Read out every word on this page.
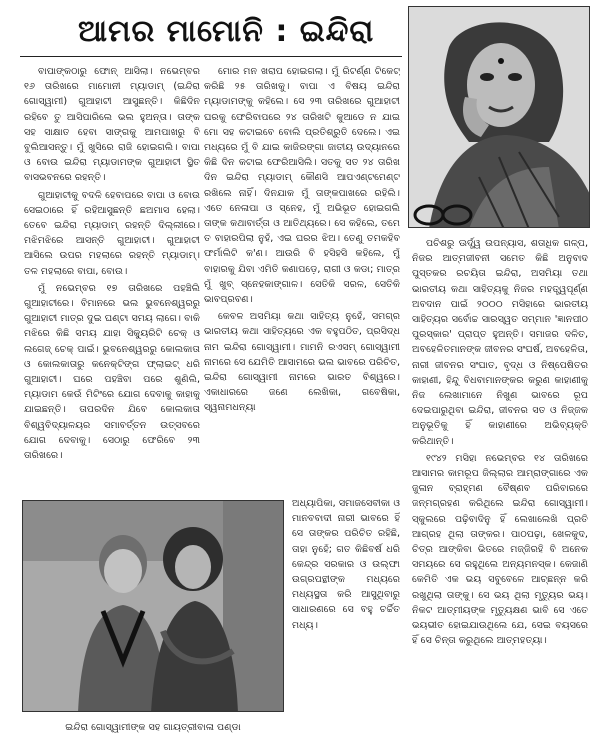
ଆମର ମାମୋନି : ଇନ୍ଦିରା

ବାପାଙ୍କଠାରୁ ଫୋନ୍ ଆସିଲା। ନଭେମ୍ବର ୧୬ ତାରିଖରେ ମାମୋନୀ ମ୍ୟାଡାମ୍ (ଇନ୍ଦିରା ଗୋସ୍ୱାମୀ) ଗୁଆହାଟୀ ଆସୁଛନ୍ତି। କିଛିଦିନ ରହିବେ ତୁ ଆସିପାରିଲେ ଭଲ ହୁଅନ୍ତା। ତାଙ୍କ ସହ ସାକ୍ଷାତ ହେବା ସାଙ୍ଗକୁ ଆମପାଖରୁ ବି ବୁଲିଆସନ୍ତୁ। ମୁଁ ଖୁସିରେ ରାଜି ହୋଇଗଲି। ବାପା ଓ ବୋଉ ଇନ୍ଦିରା ମ୍ୟାଡାମଙ୍କ ଗୁଆହାଟୀ ସ୍ଥିତ ବାସଭବନରେ ରହନ୍ତି।

ଗୁଆହାଟୀକୁ ବଦଳି ହେବାପରେ ବାପା ଓ ବୋଉ ସେଇଠାରେ ହିଁ ରହିଆସୁଛନ୍ତି ଛଅମାସ ହେଲା। ତେବେ ଇନ୍ଦିରା ମ୍ୟାଡାମ୍ ରହନ୍ତି ଦିଲ୍ଲୀରେ। ମଝିମଝିରେ ଆସନ୍ତି ଗୁଆହାଟୀ। ଗୁଆହାଟୀ ଆସିଲେ ଉପର ମହଲାରେ ରହନ୍ତି ମ୍ୟାଡାମ୍। ତଳ ମହଲାରେ ବାପା, ବୋଉ।

ମୁଁ ନଭେମ୍ବର ୧୭ ତାରିଖରେ ପହଞ୍ଚିଲି ଗୁଆହାଟୀରେ। ବିମାନରେ ଭଲ ଭୁବନେଶ୍ୱରରୁ ଗୁଆହାଟୀ ମାତ୍ର ଦୁଇ ଘଣ୍ଟା ସମୟ ଲାଗେ। ବାକି ମଝିରେ କିଛି ସମୟ ଯାହା ସିକ୍ୟୁରିଟି ଚେକ୍ ଓ ଲଗେଜ୍ ଚେକ୍ ପାଇଁ। ଭୁବନେଶ୍ୱରରୁ କୋଲକାତା ଓ କୋଲକାତାରୁ କନେକ୍ଟିଙ୍ଗ ଫ୍ଲାଇଟ୍ ଧରି ଗୁଆହାଟୀ। ଘରେ ପହଞ୍ଚିବା ପରେ ଶୁଣିଲି, ମ୍ୟାଡାମ କେଉଁ ମିଟିଂରେ ଯୋଗ ଦେବାକୁ କାହାକୁ ଯାଇଛନ୍ତି। ତାପରଦିନ ଯିବେ କୋଲକାତା ବିଶ୍ୱବିଦ୍ୟାଳୟର ସମାବର୍ତ୍ତନ ଉତ୍ସବରେ ଯୋଗ ଦେବାକୁ। ସେଠାରୁ ଫେରିବେ ୨୩ ତାରିଖରେ।

ମୋର ମନ ଖରାପ ହୋଇଗଲା। ମୁଁ ରିଟର୍ଣ୍ଣ ଟିକେଟ୍ କରିଛି ୨୫ ତାରିଖକୁ। ବାପା ଏ ବିଷୟ ଇନ୍ଦିରା ମ୍ୟାଡାମଙ୍କୁ କହିଲେ। ସେ ୨୩ ତାରିଖରେ ଗୁଆହାଟୀ ଘରକୁ ଫେରିବାପରେ ୨୪ ତାରିଖଟି କୁଆଡେ ନ ଯାଇ ମୋ ସହ କଟାଇବେ ବୋଲି ପ୍ରତିଶ୍ରୁତି ଦେଲେ। ଏଇ ମଧ୍ୟରେ ମୁଁ ବି ଯାଇ କାଜିରଙ୍ଗା ଜାତୀୟ ଉଦ୍ୟାନରେ କିଛି ଦିନ କଟାଇ ଫେରିଆସିଲି। ସତକୁ ସତ ୨୪ ତାରିଖ ଦିନ ଇନ୍ଦିରା ମ୍ୟାଡାମ୍ କୌଣସି ଆପଏଣ୍ଟମେଣ୍ଟ ରଖିଲେ ନାହିଁ। ଦିନଯାକ ମୁଁ ତାଙ୍କପାଖରେ ରହିଲି। ଏତେ ନେଳାପା ଓ ସ୍ନେହ, ମୁଁ ଅଭିଭୂତ ହୋଇଗଲି ତାଙ୍କ କଥାବାର୍ତ୍ତା ଓ ଆତିଥ୍ୟରେ। ସେ କହିଲେ, ତମେ ତ ବାହାରପିଲା ନୁହଁ, ଏଇ ଘରର ଝିଅ। ତେଣୁ ତମକହିବ ଫର୍ମାଲିଟି କ'ଣ। ଆଉରି ବି ହସିହସି କହିଲେ, ମୁଁ ବାହାରକୁ ଯିବା ଏମିତି କଣାପଡ଼େ, ରାଗୀ ଓ କଡା; ମାତ୍ର ମୁଁ ଖୁବ୍ ସ୍ନେହକାଙ୍ଗାଳ। ସେତିକି ସରଳ, ସେତିକି ଭାବପ୍ରବଣ।

କେବଳ ଅସମିୟା କଥା ସାହିତ୍ୟ ନୁହେଁ, ସମଗ୍ର ଭାରତୀୟ କଥା ସାହିତ୍ୟରେ ଏକ ବହୁପଠିତ, ପ୍ରସିଦ୍ଧ ନାମ ଇନ୍ଦିରା ଗୋସ୍ୱାମୀ। ମାମନି ରଏସମ୍ ଗୋସ୍ୱାମୀ ନାମରେ ସେ ଯେମିତି ଆସାମରେ ଭଲ ଭାବରେ ପରିଚିତ, ଇନ୍ଦିରା ଗୋସ୍ୱାମୀ ନାମରେ ଭାରତ ବିଶ୍ୱରେ। ଏକାଧାରରେ ଜଣେ ଲେଖିକା, ଗବେଷିକା, ସ୍ୱନାମଧନ୍ୟା

ଅଧ୍ୟାପିକା, ସମାଜସେବୀକା ଓ ମାନବବାଦୀ ନାରୀ ଭାବରେ ହିଁ ସେ ତାଙ୍କର ପରିଚିତ ରହିଛି, ତାହା ନୁହେଁ; ଗତ କିଛିବର୍ଷ ଧରି କେନ୍ଦ୍ର ସରକାର ଓ ଉଲ୍ଫା ଉଗ୍ରପନ୍ଥୀଙ୍କ ମଧ୍ୟରେ ମଧ୍ୟସ୍ଥତା କରି ଆସୁଥିବାରୁ ସାଧାରଣରେ ସେ ବହୁ ଚର୍ଚ୍ଚିତ ମଧ୍ୟ।

ପଚିଶରୁ ଊର୍ଦ୍ଧ୍ୱ ଉପନ୍ୟାସ, ଶତାଧିକ ଗଳ୍ପ, ନିଜର ଆତ୍ମଜୀବନୀ ସମେତ କିଛି ଅନୁବାଦ ପୁସ୍ତକର ରଚୟିତା ଇନ୍ଦିରା, ଅସମିୟା ତଥା ଭାରତୀୟ କଥା ସାହିତ୍ୟକୁ ନିଜର ମହତ୍ତ୍ୱପୂର୍ଣ୍ଣ ଅବଦାନ ପାଇଁ ୨୦୦୦ ମସିହାରେ ଭାରତୀୟ ସାହିତ୍ୟର ସର୍ବୋଚ୍ଚ ସାରସ୍ୱତ ସମ୍ମାନ 'ଜ୍ଞାନପୀଠ ପୁରସ୍କାର' ପ୍ରାପ୍ତ ହୁଅନ୍ତି। ସମାଜର ଦଳିତ, ଅବହେଳିତମାନଙ୍କ ଜୀବନର ସଂଘର୍ଷ, ଅବହେଳିତା, ନାରୀ ଜୀବନର ସଂଘାତ, ବୃଦ୍ଧ ଓ ନିଷ୍ପେଷିତର କାହାଣୀ, ହିନ୍ଦୁ ବିଧବାମାନଙ୍କର କରୁଣ କାହାଣୀକୁ ନିଜ ଲେଖାମାନେ ନିଖୁଣ ଭାବରେ ରୂପ ଦେଇପାରୁଥିବା ଇନ୍ଦିରା, ଜୀବନର ସତ ଓ ନିଜ୍ଜକ ଅନୁଭୂତିକୁ ହିଁ କାହାଣୀରେ ଅଭିବ୍ୟକ୍ତି କରିଥାନ୍ତି।

୧୯୪୨ ମସିହା ନଭେମ୍ବର ୧୪ ତାରିଖରେ ଆସାମର କାମରୂପ ଜିଲ୍ଲାର ଆମ୍ରାଙ୍ଗାରେ ଏକ ଜୁଳାନ ବ୍ରାହ୍ମଣ ବୈଷ୍ଣବ ପରିବାରରେ ଜନ୍ମଗ୍ରହଣ କରିଥିଲେ ଇନ୍ଦିରା ଗୋସ୍ୱାମୀ। ସ୍କୁଲରେ ପଢ଼ିବାଦିନୁ ହିଁ ଲେଖାଲେଖି ପ୍ରତି ଆଗ୍ରହ ଥିଲା ତାଙ୍କର। ପାଠପଢ଼ା, ଖେଳକୁଦ, ଚିତ୍ର ଆଙ୍କିବା ଭିତରେ ମଜ୍ଜିରହି ବି ଅନେକ ସମୟରେ ସେ ରହୁଥିଲେ ଅନ୍ୟମନସ୍କ। କେଜାଣି କେମିତି ଏକ ଭୟ ସବୁବେଳେ ଆଚ୍ଛନ୍ନ କରି ରଖୁଥିଲା ତାଙ୍କୁ। ସେ ଭୟ ଥିଲା ମୃତ୍ୟୁର ଭୟ। ନିକଟ ଆତ୍ମୀୟଙ୍କ ମୃତ୍ୟୁକ୍ଷଣ ଭାବି ସେ ଏତେ ଭୟଭୀତ ହୋଇଯାଉଥିଲେ ଯେ, ସେଇ ବୟସରେ ହିଁ ସେ ଚିନ୍ତା କରୁଥିଲେ ଆତ୍ମହତ୍ୟା।

ଇନ୍ଦିରା ଗୋସ୍ୱାମୀଙ୍କ ସହ ଗାୟତ୍ରୀବାଳା ପଣ୍ଡା
